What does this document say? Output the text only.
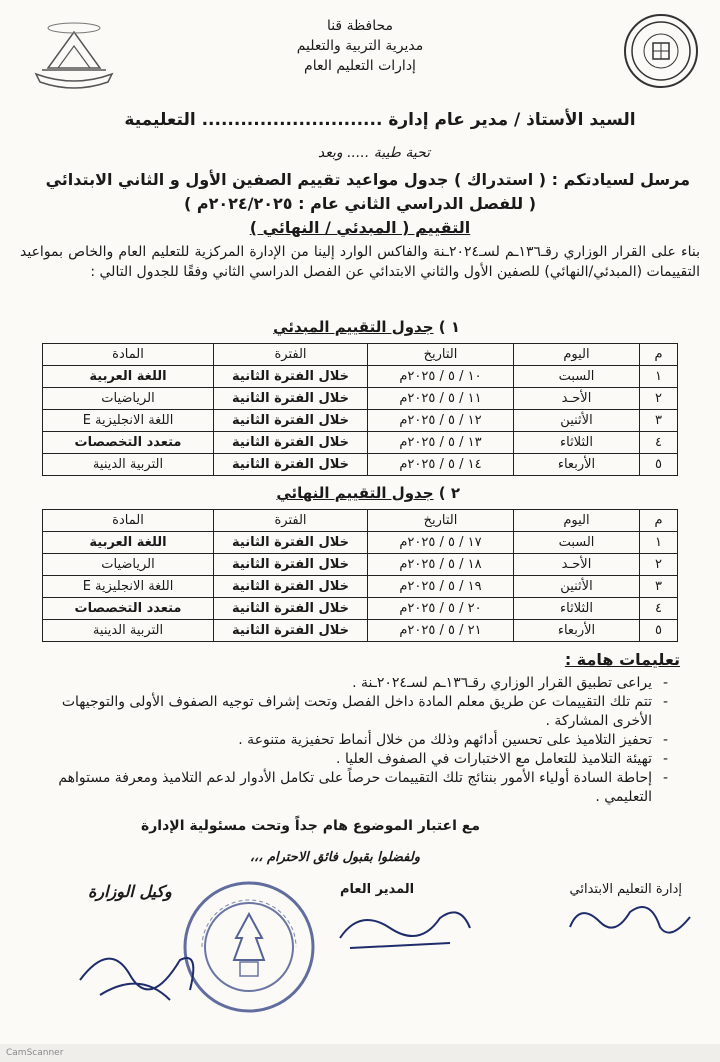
محافظة قنا
مديرية التربية والتعليم
إدارات التعليم العام
السيد الأستاذ / مدير عام إدارة ............................ التعليمية
تحية طيبة ..... وبعد
مرسل لسيادتكم : ( استدراك ) جدول مواعيد تقييم الصفين الأول و الثاني الابتدائي
( للفصل الدراسي الثاني عام : ٢٠٢٤/٢٠٢٥م )
التقييم ( المبدئي / النهائي )
بناء على القرار الوزاري رقـ١٣٦ـم لسـ٢٠٢٤ـنة والفاكس الوارد إلينا من الإدارة المركزية للتعليم العام والخاص بمواعيد التقييمات (المبدئي/النهائي) للصفين الأول والثاني الابتدائي عن الفصل الدراسي الثاني وفقًا للجدول التالي :
١ ) جدول التقييم المبدئي
م	اليوم	التاريخ	الفترة	المادة
١	السبت	١٠ / ٥ / ٢٠٢٥م	خلال الفترة الثانية	اللغة العربية
٢	الأحـد	١١ / ٥ / ٢٠٢٥م	خلال الفترة الثانية	الرياضيات
٣	الأثنين	١٢ / ٥ / ٢٠٢٥م	خلال الفترة الثانية	اللغة الانجليزية E
٤	الثلاثاء	١٣ / ٥ / ٢٠٢٥م	خلال الفترة الثانية	متعدد التخصصات
٥	الأربعاء	١٤ / ٥ / ٢٠٢٥م	خلال الفترة الثانية	التربية الدينية
٢ ) جدول التقييم النهائي
م	اليوم	التاريخ	الفترة	المادة
١	السبت	١٧ / ٥ / ٢٠٢٥م	خلال الفترة الثانية	اللغة العربية
٢	الأحـد	١٨ / ٥ / ٢٠٢٥م	خلال الفترة الثانية	الرياضيات
٣	الأثنين	١٩ / ٥ / ٢٠٢٥م	خلال الفترة الثانية	اللغة الانجليزية E
٤	الثلاثاء	٢٠ / ٥ / ٢٠٢٥م	خلال الفترة الثانية	متعدد التخصصات
٥	الأربعاء	٢١ / ٥ / ٢٠٢٥م	خلال الفترة الثانية	التربية الدينية
تعليمات هامة :
-
يراعى تطبيق القرار الوزاري رقـ١٣٦ـم لسـ٢٠٢٤ـنة .
-
تتم تلك التقييمات عن طريق معلم المادة داخل الفصل وتحت إشراف توجيه الصفوف الأولى والتوجيهات الأخرى المشاركة .
-
تحفيز التلاميذ على تحسين أدائهم وذلك من خلال أنماط تحفيزية متنوعة .
-
تهيئة التلاميذ للتعامل مع الاختبارات في الصفوف العليا .
-
إحاطة السادة أولياء الأمور بنتائج تلك التقييمات حرصاً على تكامل الأدوار لدعم التلاميذ ومعرفة مستواهم التعليمي .
مع اعتبار الموضوع هام جداً وتحت مسئولية الإدارة
ولفضلوا بقبول فائق الاحترام ،،،
وكيل الوزارة	المدير العام	إدارة التعليم الابتدائي
CamScanner
